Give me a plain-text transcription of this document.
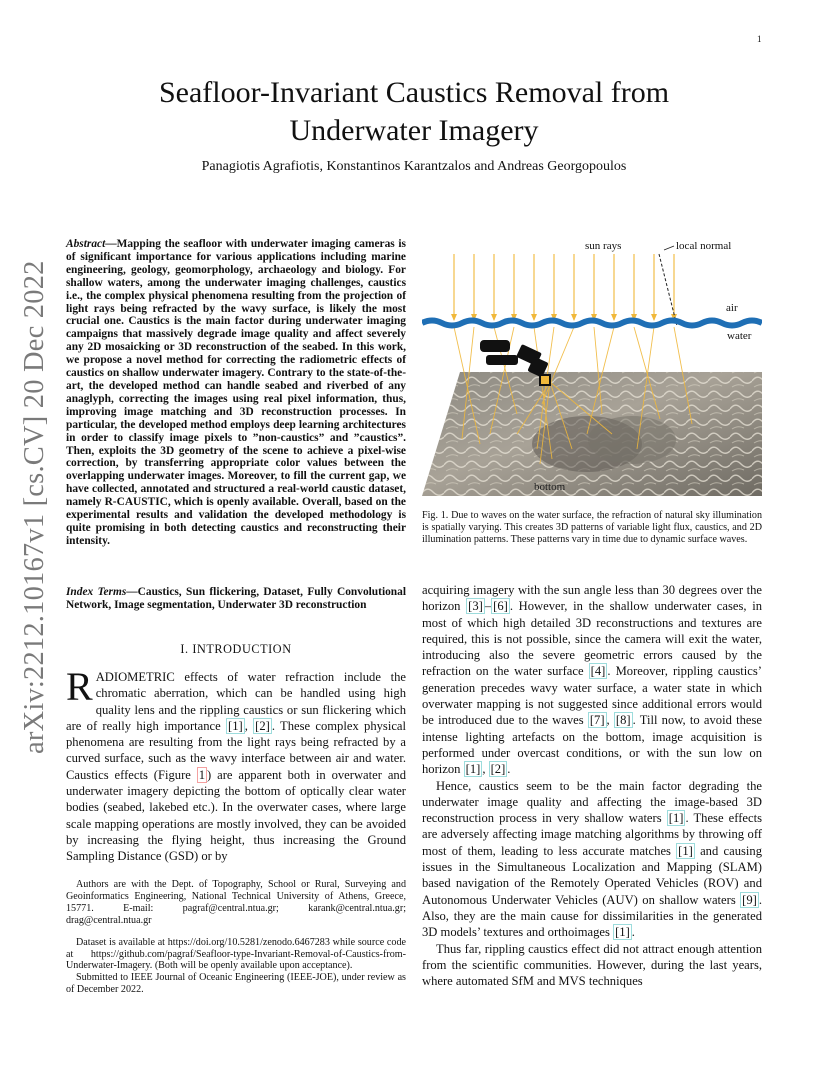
1
arXiv:2212.10167v1 [cs.CV] 20 Dec 2022
Seafloor-Invariant Caustics Removal from
Underwater Imagery
Panagiotis Agrafiotis, Konstantinos Karantzalos and Andreas Georgopoulos
Abstract—Mapping the seafloor with underwater imaging cameras is of significant importance for various applications including marine engineering, geology, geomorphology, archaeology and biology. For shallow waters, among the underwater imaging challenges, caustics i.e., the complex physical phenomena resulting from the projection of light rays being refracted by the wavy surface, is likely the most crucial one. Caustics is the main factor during underwater imaging campaigns that massively degrade image quality and affect severely any 2D mosaicking or 3D reconstruction of the seabed. In this work, we propose a novel method for correcting the radiometric effects of caustics on shallow underwater imagery. Contrary to the state-of-the-art, the developed method can handle seabed and riverbed of any anaglyph, correcting the images using real pixel information, thus, improving image matching and 3D reconstruction processes. In particular, the developed method employs deep learning architectures in order to classify image pixels to ”non-caustics” and ”caustics”. Then, exploits the 3D geometry of the scene to achieve a pixel-wise correction, by transferring appropriate color values between the overlapping underwater images. Moreover, to fill the current gap, we have collected, annotated and structured a real-world caustic dataset, namely R-CAUSTIC, which is openly available. Overall, based on the experimental results and validation the developed methodology is quite promising in both detecting caustics and reconstructing their intensity.
Index Terms—Caustics, Sun flickering, Dataset, Fully Convolutional Network, Image segmentation, Underwater 3D reconstruction
I. INTRODUCTION
RADIOMETRIC effects of water refraction include the chromatic aberration, which can be handled using high quality lens and the rippling caustics or sun flickering which are of really high importance [1] , [2] . These complex physical phenomena are resulting from the light rays being refracted by a curved surface, such as the wavy interface between air and water. Caustics effects (Figure 1 ) are apparent both in overwater and underwater imagery depicting the bottom of optically clear water bodies (seabed, lakebed etc.). In the overwater cases, where large scale mapping operations are mostly involved, they can be avoided by increasing the flying height, thus increasing the Ground Sampling Distance (GSD) or by

Authors are with the Dept. of Topography, School or Rural, Surveying and Geoinformatics Engineering, National Technical University of Athens, Greece, 15771. E-mail: pagraf@central.ntua.gr; karank@central.ntua.gr; drag@central.ntua.gr

Dataset is available at https://doi.org/10.5281/zenodo.6467283 while source code at https://github.com/pagraf/Seafloor-type-Invariant-Removal-of-Caustics-from-Underwater-Imagery. (Both will be openly available upon acceptance).

Submitted to IEEE Journal of Oceanic Engineering (IEEE-JOE), under review as of December 2022.

sun rays	local normal
air
water
bottom
Fig. 1. Due to waves on the water surface, the refraction of natural sky illumination is spatially varying. This creates 3D patterns of variable light flux, caustics, and 2D illumination patterns. These patterns vary in time due to dynamic surface waves.

acquiring imagery with the sun angle less than 30 degrees over the horizon [3] – [6] . However, in the shallow underwater cases, in most of which high detailed 3D reconstructions and textures are required, this is not possible, since the camera will exit the water, introducing also the severe geometric errors caused by the refraction on the water surface [4] . Moreover, rippling caustics’ generation precedes wavy water surface, a water state in which overwater mapping is not suggested since additional errors would be introduced due to the waves [7] , [8] . Till now, to avoid these intense lighting artefacts on the bottom, image acquisition is performed under overcast conditions, or with the sun low on horizon [1] , [2] .

Hence, caustics seem to be the main factor degrading the underwater image quality and affecting the image-based 3D reconstruction process in very shallow waters [1] . These effects are adversely affecting image matching algorithms by throwing off most of them, leading to less accurate matches [1] and causing issues in the Simultaneous Localization and Mapping (SLAM) based navigation of the Remotely Operated Vehicles (ROV) and Autonomous Underwater Vehicles (AUV) on shallow waters [9] . Also, they are the main cause for dissimilarities in the generated 3D models’ textures and orthoimages [1] .

Thus far, rippling caustics effect did not attract enough attention from the scientific communities. However, during the last years, where automated SfM and MVS techniques
